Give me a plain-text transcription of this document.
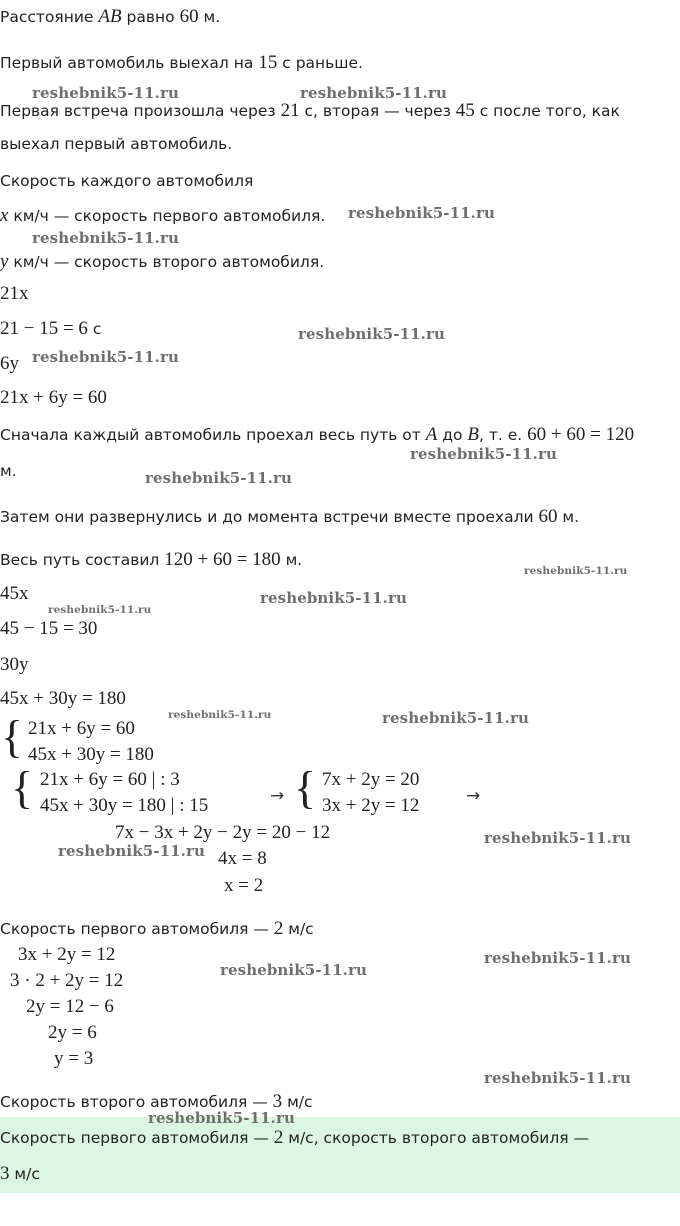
Расстояние AB равно 60 м.
Первый автомобиль выехал на 15 с раньше.
Первая встреча произошла через 21 с, вторая — через 45 с после того, как
выехал первый автомобиль.
Скорость каждого автомобиля
x км/ч — скорость первого автомобиля.
y км/ч — скорость второго автомобиля.
21x
21 − 15 = 6 с
6y
21x + 6y = 60
Сначала каждый автомобиль проехал весь путь от A до B, т. е. 60 + 60 = 120
м.
Затем они развернулись и до момента встречи вместе проехали 60 м.
Весь путь составил 120 + 60 = 180 м.
45x
45 − 15 = 30
30y
45x + 30y = 180
{ 21x + 6y = 60
45x + 30y = 180
{ 21x + 6y = 60 | : 3
45x + 30y = 180 | : 15	→ { 7x + 2y = 20
3x + 2y = 12	→
7x − 3x + 2y − 2y = 20 − 12
4x = 8
x = 2
Скорость первого автомобиля — 2 м/с
3x + 2y = 12
3 · 2 + 2y = 12
2y = 12 − 6
2y = 6
y = 3
Скорость второго автомобиля — 3 м/с
Скорость первого автомобиля — 2 м/с, скорость второго автомобиля —
3 м/с
reshebnik5-11.ru	reshebnik5-11.ru
reshebnik5-11.ru
reshebnik5-11.ru
reshebnik5-11.ru
reshebnik5-11.ru
reshebnik5-11.ru
reshebnik5-11.ru
reshebnik5-11.ru
reshebnik5-11.ru
reshebnik5-11.ru
reshebnik5-11.ru	reshebnik5-11.ru
reshebnik5-11.ru
reshebnik5-11.ru
reshebnik5-11.ru
reshebnik5-11.ru
reshebnik5-11.ru
reshebnik5-11.ru
